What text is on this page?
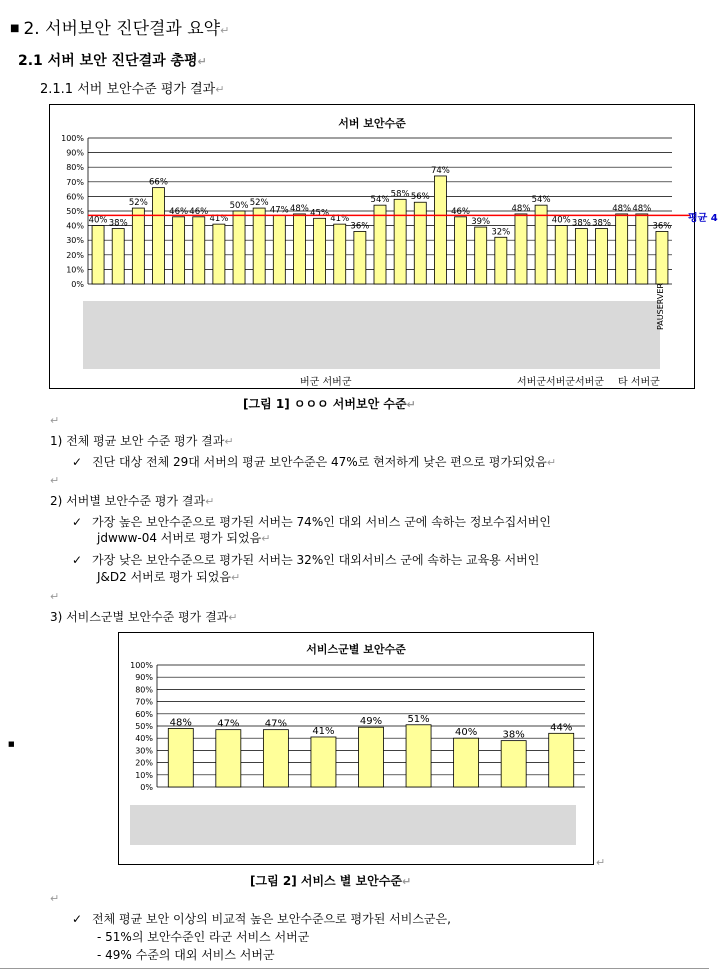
■ 2. 서버보안 진단결과 요약↵
2.1 서버 보안 진단결과 총평↵
2.1.1 서버 보안수준 평가 결과↵
서버 보안수준
100%
90%
80%
70%
60%
50%
40%
30%
20%
10%
0%
40% 38%
52%
66%
46% 46%
41%
50% 52%
47% 48% 45%
41%
36%
54%
58% 56%
74%
46%
39%
32%
48%
54%
40% 38% 38%
48% 48%
36%
평균 4
PAUSERVER
버군 서버군	서버군서버군서버군 타 서버군
[그림 1] ㅇㅇㅇ 서버보안 수준↵
↵
1) 전체 평균 보안 수준 평가 결과↵
✓ 진단 대상 전체 29대 서버의 평균 보안수준은 47%로 현저하게 낮은 편으로 평가되었음↵
↵
2) 서버별 보안수준 평가 결과↵
✓ 가장 높은 보안수준으로 평가된 서버는 74%인 대외 서비스 군에 속하는 정보수집서버인
jdwww-04 서버로 평가 되었음↵
✓ 가장 낮은 보안수준으로 평가된 서버는 32%인 대외서비스 군에 속하는 교육용 서버인
J&D2 서버로 평가 되었음↵
↵
3) 서비스군별 보안수준 평가 결과↵
■
서비스군별 보안수준
100%
90%
80%
70%
60%
50%
40%
30%
20%
10%
0%
48%	47%	47%
41%
49%	51%
40%	38%
44%
↵
[그림 2] 서비스 별 보안수준↵
↵
✓ 전체 평균 보안 이상의 비교적 높은 보안수준으로 평가된 서비스군은,
- 51%의 보안수준인 라군 서비스 서버군
- 49% 수준의 대외 서비스 서버군
